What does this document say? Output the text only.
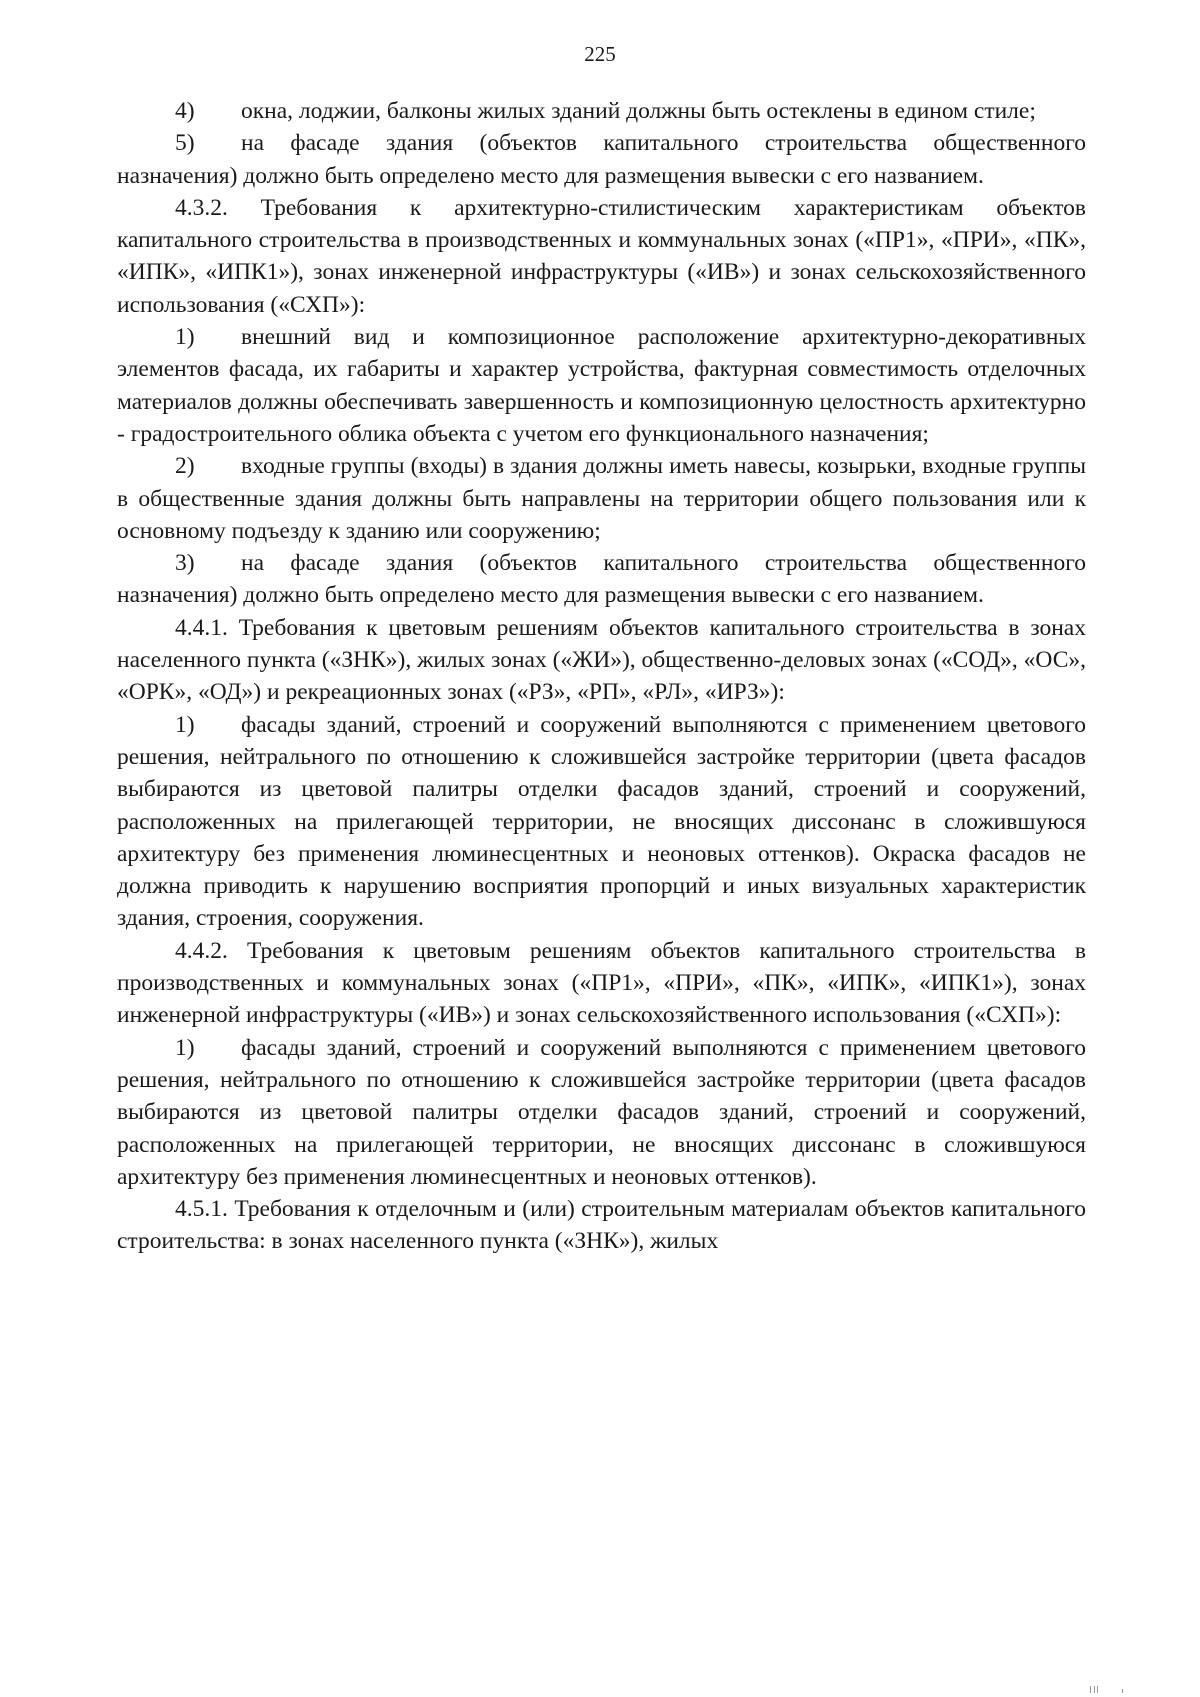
225

4) окна, лоджии, балконы жилых зданий должны быть остеклены в едином стиле;

5) на фасаде здания (объектов капитального строительства общественного назначения) должно быть определено место для размещения вывески с его названием.

4.3.2. Требования к архитектурно-стилистическим характеристикам объектов капитального строительства в производственных и коммунальных зонах («ПР1», «ПРИ», «ПК», «ИПК», «ИПК1»), зонах инженерной инфраструктуры («ИВ») и зонах сельскохозяйственного использования («СХП»):

1) внешний вид и композиционное расположение архитектурно-декоративных элементов фасада, их габариты и характер устройства, фактурная совместимость отделочных материалов должны обеспечивать завершенность и композиционную целостность архитектурно - градостроительного облика объекта с учетом его функционального назначения;

2) входные группы (входы) в здания должны иметь навесы, козырьки, входные группы в общественные здания должны быть направлены на территории общего пользования или к основному подъезду к зданию или сооружению;

3) на фасаде здания (объектов капитального строительства общественного назначения) должно быть определено место для размещения вывески с его названием.

4.4.1. Требования к цветовым решениям объектов капитального строительства в зонах населенного пункта («ЗНК»), жилых зонах («ЖИ»), общественно-деловых зонах («СОД», «ОС», «ОРК», «ОД») и рекреационных зонах («РЗ», «РП», «РЛ», «ИРЗ»):

1) фасады зданий, строений и сооружений выполняются с применением цветового решения, нейтрального по отношению к сложившейся застройке территории (цвета фасадов выбираются из цветовой палитры отделки фасадов зданий, строений и сооружений, расположенных на прилегающей территории, не вносящих диссонанс в сложившуюся архитектуру без применения люминесцентных и неоновых оттенков). Окраска фасадов не должна приводить к нарушению восприятия пропорций и иных визуальных характеристик здания, строения, сооружения.

4.4.2. Требования к цветовым решениям объектов капитального строительства в производственных и коммунальных зонах («ПР1», «ПРИ», «ПК», «ИПК», «ИПК1»), зонах инженерной инфраструктуры («ИВ») и зонах сельскохозяйственного использования («СХП»):

1) фасады зданий, строений и сооружений выполняются с применением цветового решения, нейтрального по отношению к сложившейся застройке территории (цвета фасадов выбираются из цветовой палитры отделки фасадов зданий, строений и сооружений, расположенных на прилегающей территории, не вносящих диссонанс в сложившуюся архитектуру без применения люминесцентных и неоновых оттенков).

4.5.1. Требования к отделочным и (или) строительным материалам объектов капитального строительства: в зонах населенного пункта («ЗНК»), жилых
